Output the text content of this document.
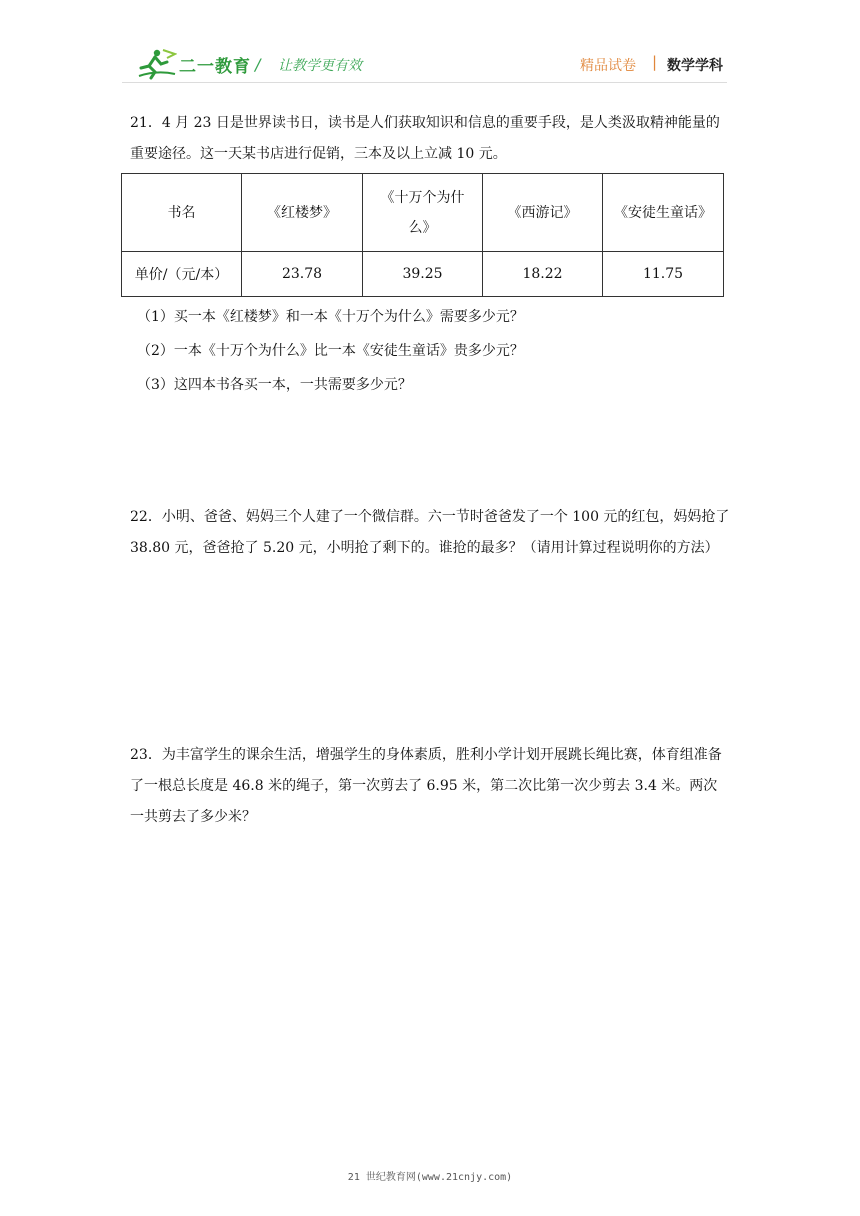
二一教育 / 让教学更有效	精品试卷 | 数学学科

21．4 月 23 日是世界读书日，读书是人们获取知识和信息的重要手段，是人类汲取精神能量的重要途径。这一天某书店进行促销，三本及以上立减 10 元。

书名	《红楼梦》	《十万个为什么》	《西游记》	《安徒生童话》
单价/（元/本）	23.78	39.25	18.22	11.75

（1）买一本《红楼梦》和一本《十万个为什么》需要多少元？

（2）一本《十万个为什么》比一本《安徒生童话》贵多少元？

（3）这四本书各买一本，一共需要多少元？

22．小明、爸爸、妈妈三个人建了一个微信群。六一节时爸爸发了一个 100 元的红包，妈妈抢了 38.80 元，爸爸抢了 5.20 元，小明抢了剩下的。谁抢的最多？（请用计算过程说明你的方法）

23．为丰富学生的课余生活，增强学生的身体素质，胜利小学计划开展跳长绳比赛，体育组准备了一根总长度是 46.8 米的绳子，第一次剪去了 6.95 米，第二次比第一次少剪去 3.4 米。两次一共剪去了多少米？

21 世纪教育网(www.21cnjy.com)
